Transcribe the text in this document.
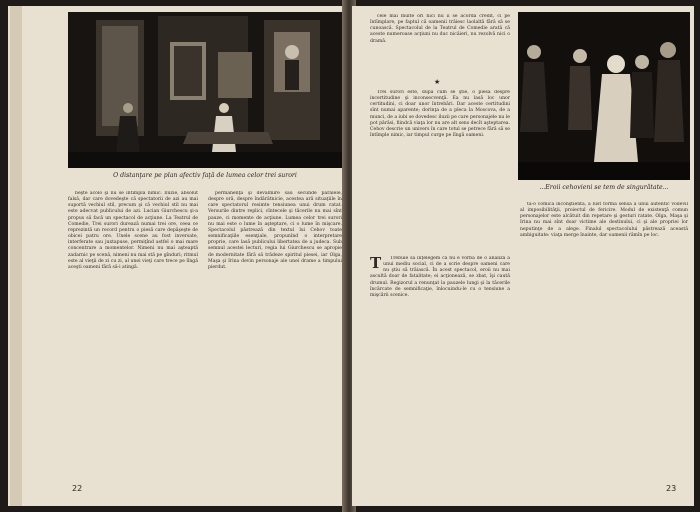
O distanţare pe plan afectiv faţă de lumea celor trei surori

beşte acolo şi nu se întîmplă nimic. Iluzie, absolut falsă, dar care dovedeşte că spectatorii de azi au mai suportă vechiul stil, precum şi că vechiul stil nu mai este adecvat publicului de azi. Lucian Giurchescu şi-a propus să facă un spectacol de acţiune. La Teatrul de Comedie, Trei surori durează numai trei ore, ceea ce reprezintă un record pentru o piesă care depăşeşte de obicei patru ore. Unele scene au fost inversate, interferate sau juxtapuse, permiţînd astfel o mai mare concentrare a momentelor. Nimeni nu mai aşteaptă zadarnic pe scenă, nimeni nu mai stă pe gînduri; ritmul este al vieţii de zi cu zi, al unei vieţi care trece pe lîngă aceşti oameni fără să-i atingă.

permanenţă şi devălmire sau secunde paralele, despre oră, despre îndărătnicie, acestea ară situaţiile în care spectatorul resimte tensiunea unui drum ratat. Versurile dintre replici, cîntecele şi tăcerile nu mai sînt pauze, ci momente de acţiune. Lumea celor trei surori nu mai este o lume în aşteptare, ci o lume în mişcare. Spectacolul păstrează din textul lui Cehov toate semnificaţiile esenţiale, propunînd o interpretare proprie, care lasă publicului libertatea de a judeca. Sub semnul acestei lecturi, regia lui Giurchescu se apropie de modernitate fără să trădeze spiritul piesei, iar Olga, Maşa şi Irina devin personaje ale unei drame a timpului pierdut.

22

cele mai multe ori nici nu îi se acordă credit, ci pe întîmplare, pe faptul că oamenii trăiesc laolaltă fără să se cunoască. Spectacolul de la Teatrul de Comedie arată că aceste numeroase acţiuni nu duc nicăieri, nu rezolvă nici o dramă.

★

Trei surori este, după cum se ştie, o piesă despre incertitudine şi inconsecvenţă. Ea nu lasă loc unor certitudini, ci doar unor întrebări. Dar aceste certitudini sînt numai aparente; dorinţa de a pleca la Moscova, de a munci, de a iubi se dovedesc iluzii pe care personajele nu le pot părăsi, fiindcă viaţa lor nu are alt sens decît aşteptarea. Cehov descrie un univers în care totul se petrece fără să se întîmple nimic, iar timpul curge pe lîngă oameni.

T	Trebuie să înţelegem că nu e vorba de o analiză a unui mediu social, ci de a scrie despre oameni care nu ştiu să trăiască. În acest spectacol, eroii nu mai ascultă doar de fatalitate; ei acţionează, se zbat, îşi caută drumul. Regizorul a renunţat la pauzele lungi şi la tăcerile încărcate de semnificaţie, înlocuindu-le cu o tensiune a mişcării scenice.

...Eroii cehovieni se tem de singurătate...

tă-o comică inconştientă, a lust forma sensă a unui autentic vodevil al imposibilităţii, proiectul de fericire. Modul de existenţă comun personajelor este alcătuit din repetare şi gesturi ratate. Olga, Maşa şi Irina nu mai sînt doar victime ale destinului, ci şi ale propriei lor neputinţe de a alege. Finalul spectacolului păstrează această ambiguitate: viaţa merge înainte, dar oamenii rămîn pe loc.

23
